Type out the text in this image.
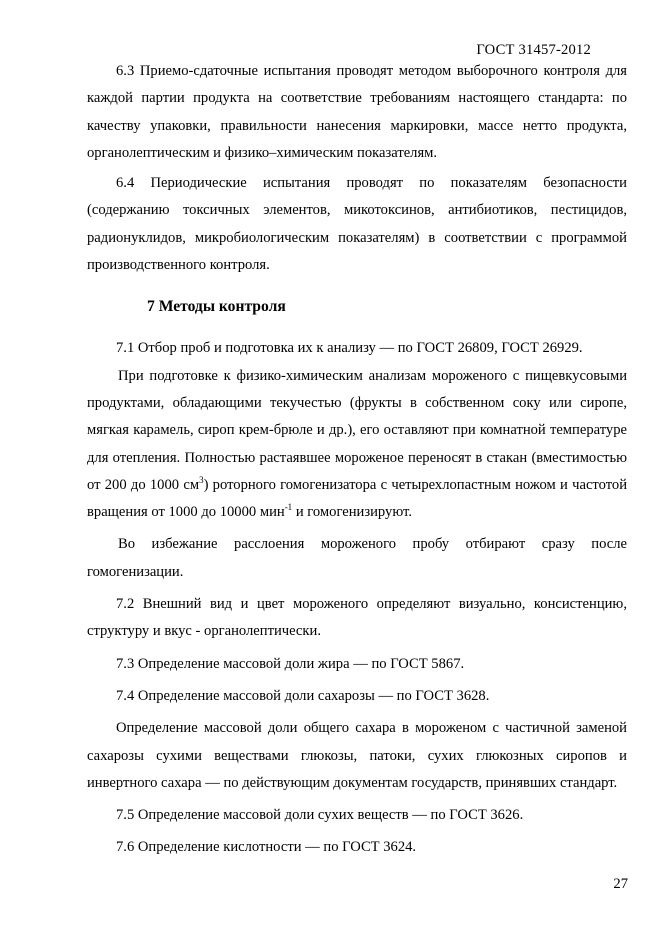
ГОСТ 31457-2012

6.3 Приемо-сдаточные испытания проводят методом выборочного контроля для каждой партии продукта на соответствие требованиям настоящего стандарта: по качеству упаковки, правильности нанесения маркировки, массе нетто продукта, органолептическим и физико–химическим показателям.

6.4 Периодические испытания проводят по показателям безопасности (содержанию токсичных элементов, микотоксинов, антибиотиков, пестицидов, радионуклидов, микробиологическим показателям) в соответствии с программой производственного контроля.

7 Методы контроля

7.1 Отбор проб и подготовка их к анализу — по ГОСТ 26809, ГОСТ 26929.

При подготовке к физико-химическим анализам мороженого с пищевкусовыми продуктами, обладающими текучестью (фрукты в собственном соку или сиропе, мягкая карамель, сироп крем-брюле и др.), его оставляют при комнатной температуре для отепления. Полностью растаявшее мороженое переносят в стакан (вместимостью от 200 до 1000 $см^3$) роторного гомогенизатора с четырехлопастным ножом и частотой вращения от 1000 до 10000 мин$^{-1}$ и гомогенизируют.

Во избежание расслоения мороженого пробу отбирают сразу после гомогенизации.

7.2 Внешний вид и цвет мороженого определяют визуально, консистенцию, структуру и вкус - органолептически.

7.3 Определение массовой доли жира — по ГОСТ 5867.

7.4 Определение массовой доли сахарозы — по ГОСТ 3628.

Определение массовой доли общего сахара в мороженом с частичной заменой сахарозы сухими веществами глюкозы, патоки, сухих глюкозных сиропов и инвертного сахара — по действующим документам государств, принявших стандарт.

7.5 Определение массовой доли сухих веществ — по ГОСТ 3626.

7.6 Определение кислотности — по ГОСТ 3624.

27
